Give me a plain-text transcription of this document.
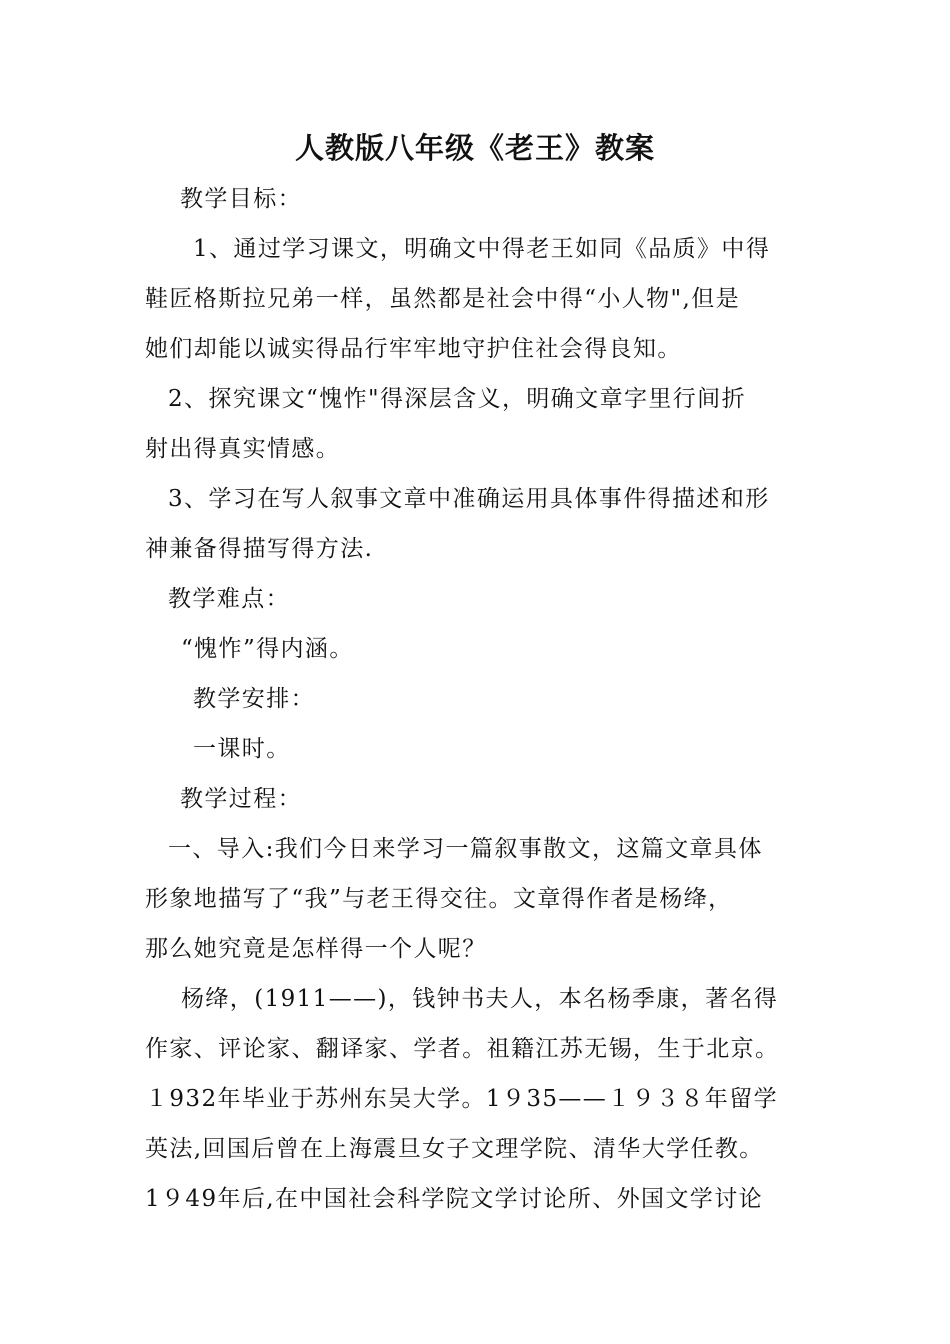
人教版八年级《老王》教案
教学目标：
1、通过学习课文，明确文中得老王如同《品质》中得
鞋匠格斯拉兄弟一样，虽然都是社会中得“小人物",但是
她们却能以诚实得品行牢牢地守护住社会得良知。
2、探究课文“愧怍"得深层含义，明确文章字里行间折
射出得真实情感。
3、学习在写人叙事文章中准确运用具体事件得描述和形
神兼备得描写得方法.
教学难点：
“愧怍”得内涵。
教学安排：
一课时。
教学过程：
一、导入:我们今日来学习一篇叙事散文，这篇文章具体
形象地描写了“我”与老王得交往。文章得作者是杨绛，
那么她究竟是怎样得一个人呢？
杨绛，(1911——)，钱钟书夫人，本名杨季康，著名得
作家、评论家、翻译家、学者。祖籍江苏无锡，生于北京。
１932年毕业于苏州东吴大学。1９35——１９３８年留学
英法,回国后曾在上海震旦女子文理学院、清华大学任教。
1９49年后,在中国社会科学院文学讨论所、外国文学讨论
